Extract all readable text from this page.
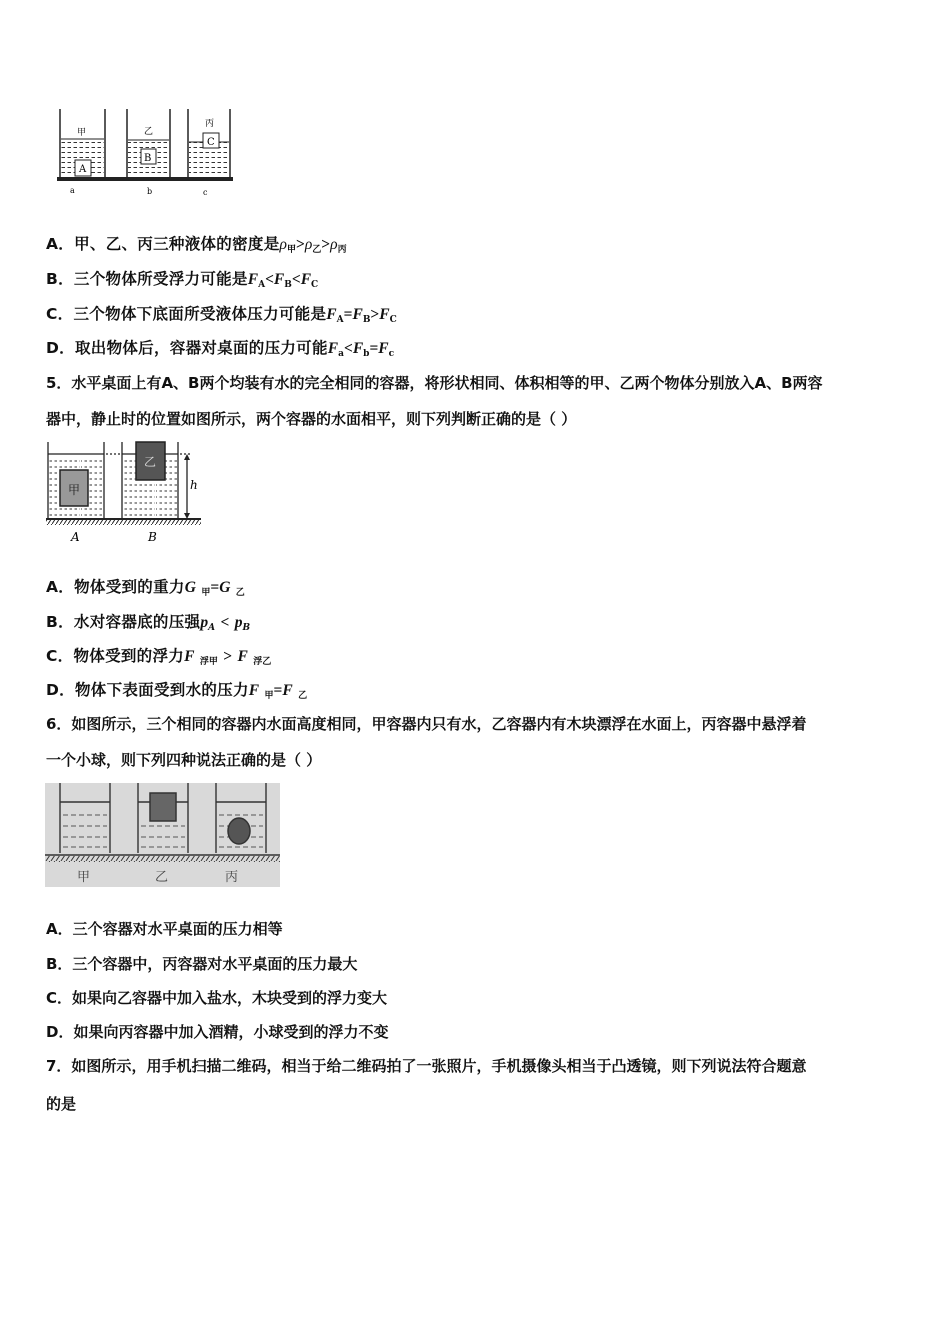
甲	乙
丙
A
B
C
a	b	c
A．甲、乙、丙三种液体的密度是$\rho_甲>\rho_乙>\rho_丙$
B．三个物体所受浮力可能是$F_A<F_B<F_C$
C．三个物体下底面所受液体压力可能是$F_A=F_B>F_C$
D．取出物体后，容器对桌面的压力可能$F_a<F_b=F_c$
5．水平桌面上有A、B两个均装有水的完全相同的容器，将形状相同、体积相等的甲、乙两个物体分别放入A、B两容
器中，静止时的位置如图所示，两个容器的水面相平，则下列判断正确的是（ ）
甲
乙
h
A	B
A．物体受到的重力G $_甲$=G $_乙$
B．水对容器底的压强$p_A < p_B$
C．物体受到的浮力F $_{浮甲}$ > F $_{浮乙}$
D．物体下表面受到水的压力F $_甲$=F $_乙$
6．如图所示，三个相同的容器内水面高度相同，甲容器内只有水，乙容器内有木块漂浮在水面上，丙容器中悬浮着
一个小球，则下列四种说法正确的是（ ）
甲	乙	丙
A．三个容器对水平桌面的压力相等
B．三个容器中，丙容器对水平桌面的压力最大
C．如果向乙容器中加入盐水，木块受到的浮力变大
D．如果向丙容器中加入酒精，小球受到的浮力不变
7．如图所示，用手机扫描二维码，相当于给二维码拍了一张照片，手机摄像头相当于凸透镜，则下列说法符合题意
的是
